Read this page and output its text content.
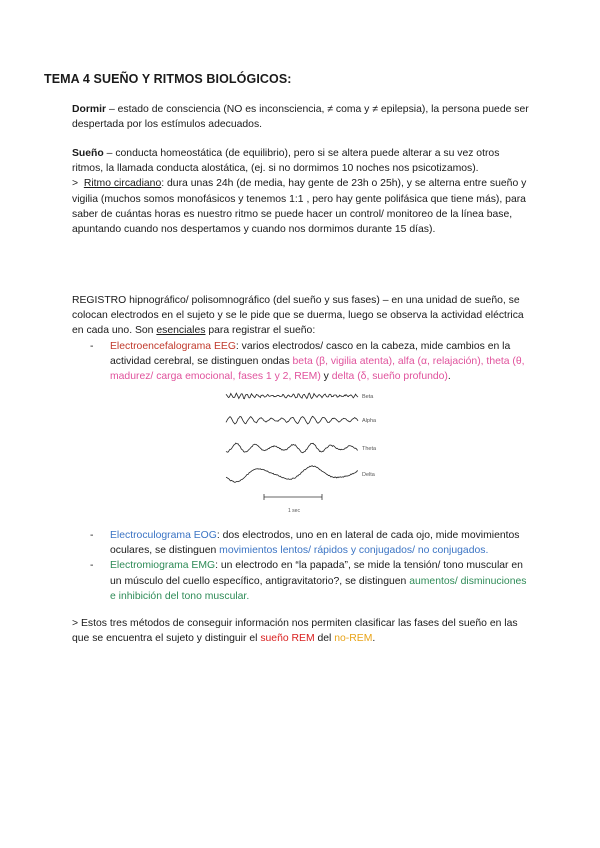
TEMA 4 SUEÑO Y RITMOS BIOLÓGICOS:

Dormir – estado de consciencia (NO es inconsciencia, ≠ coma y ≠ epilepsia), la persona puede ser despertada por los estímulos adecuados.

Sueño – conducta homeostática (de equilibrio), pero si se altera puede alterar a su vez otros ritmos, la llamada conducta alostática, (ej. si no dormimos 10 noches nos psicotizamos).

>  Ritmo circadiano: dura unas 24h (de media, hay gente de 23h o 25h), y se alterna entre sueño y vigilia (muchos somos monofásicos y tenemos 1:1 , pero hay gente polifásica que tiene más), para saber de cuántas horas es nuestro ritmo se puede hacer un control/ monitoreo de la línea base, apuntando cuando nos despertamos y cuando nos dormimos durante 15 días).

REGISTRO hipnográfico/ polisomnográfico (del sueño y sus fases) – en una unidad de sueño, se colocan electrodos en el sujeto y se le pide que se duerma, luego se observa la actividad eléctrica en cada uno. Son esenciales para registrar el sueño:

- Electroencefalograma EEG: varios electrodos/ casco en la cabeza, mide cambios en la actividad cerebral, se distinguen ondas beta (β, vigilia atenta), alfa (α, relajación), theta (θ, madurez/ carga emocional, fases 1 y 2, REM) y delta (δ, sueño profundo).

Beta
Alpha
Theta
Delta
1 sec

- Electroculograma EOG: dos electrodos, uno en en lateral de cada ojo, mide movimientos oculares, se distinguen movimientos lentos/ rápidos y conjugados/ no conjugados.

- Electromiograma EMG: un electrodo en “la papada”, se mide la tensión/ tono muscular en un músculo del cuello específico, antigravitatorio?, se distinguen aumentos/ disminuciones e inhibición del tono muscular.

> Estos tres métodos de conseguir información nos permiten clasificar las fases del sueño en las que se encuentra el sujeto y distinguir el sueño REM del no-REM.
